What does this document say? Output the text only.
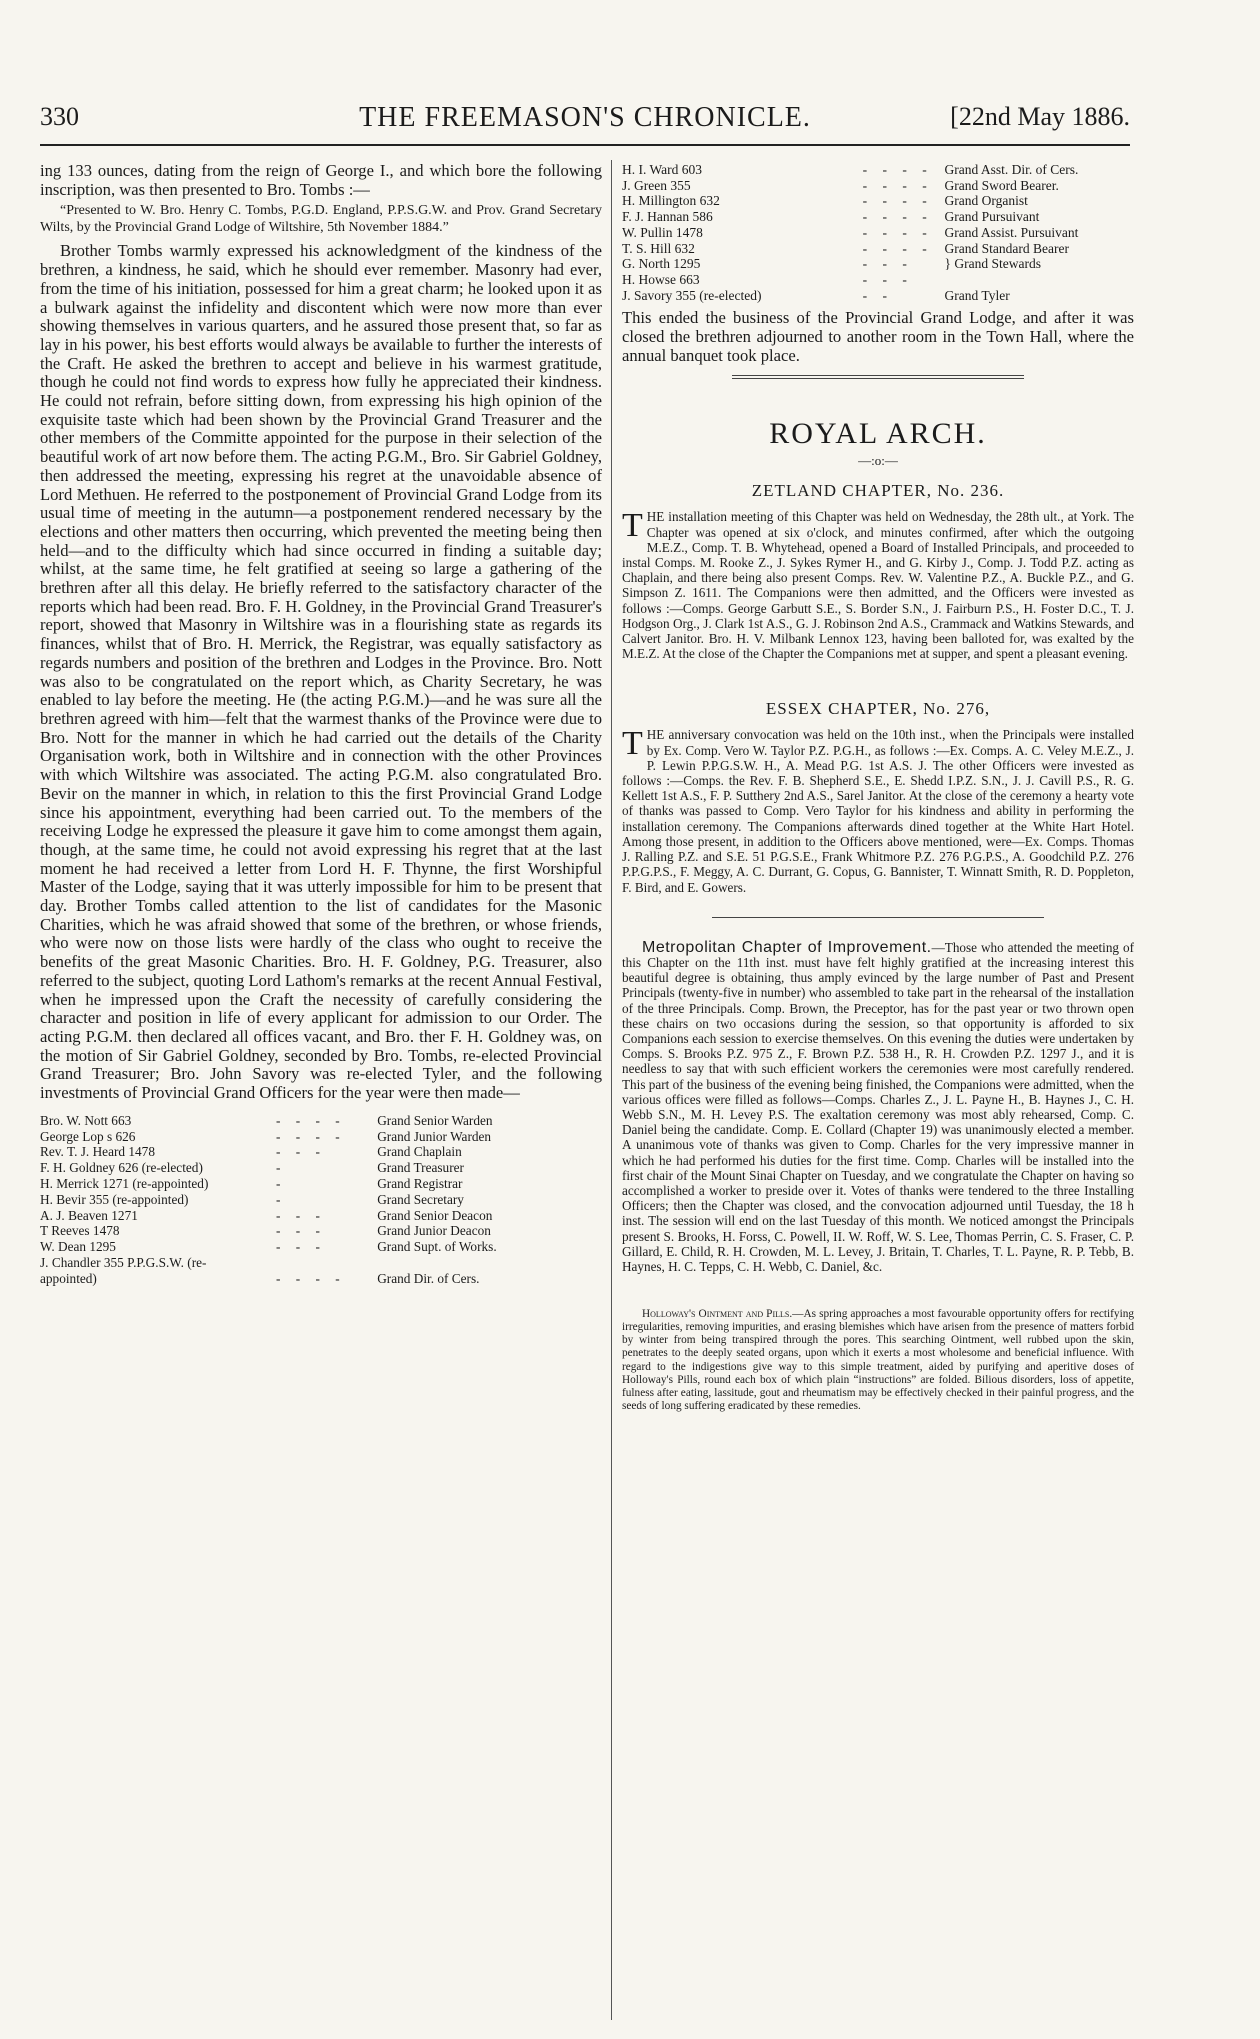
330	THE FREEMASON'S CHRONICLE.	[22nd May 1886.

ing 133 ounces, dating from the reign of George I., and which bore the following inscription, was then presented to Bro. Tombs :—

“Presented to W. Bro. Henry C. Tombs, P.G.D. England, P.P.S.G.W. and Prov. Grand Secretary Wilts, by the Provincial Grand Lodge of Wiltshire, 5th November 1884.”

Brother Tombs warmly expressed his acknowledgment of the kindness of the brethren, a kindness, he said, which he should ever remember. Masonry had ever, from the time of his initiation, possessed for him a great charm; he looked upon it as a bulwark against the infidelity and discontent which were now more than ever showing themselves in various quarters, and he assured those present that, so far as lay in his power, his best efforts would always be available to further the interests of the Craft. He asked the brethren to accept and believe in his warmest gratitude, though he could not find words to express how fully he appreciated their kindness. He could not refrain, before sitting down, from expressing his high opinion of the exquisite taste which had been shown by the Provincial Grand Treasurer and the other members of the Committe appointed for the purpose in their selection of the beautiful work of art now before them. The acting P.G.M., Bro. Sir Gabriel Goldney, then addressed the meeting, expressing his regret at the unavoidable absence of Lord Methuen. He referred to the postponement of Provincial Grand Lodge from its usual time of meeting in the autumn—a postponement rendered necessary by the elections and other matters then occurring, which prevented the meeting being then held—and to the difficulty which had since occurred in finding a suitable day; whilst, at the same time, he felt gratified at seeing so large a gathering of the brethren after all this delay. He briefly referred to the satisfactory character of the reports which had been read. Bro. F. H. Goldney, in the Provincial Grand Treasurer's report, showed that Masonry in Wiltshire was in a flourishing state as regards its finances, whilst that of Bro. H. Merrick, the Registrar, was equally satisfactory as regards numbers and position of the brethren and Lodges in the Province. Bro. Nott was also to be congratulated on the report which, as Charity Secretary, he was enabled to lay before the meeting. He (the acting P.G.M.)—and he was sure all the brethren agreed with him—felt that the warmest thanks of the Province were due to Bro. Nott for the manner in which he had carried out the details of the Charity Organisation work, both in Wiltshire and in connection with the other Provinces with which Wiltshire was associated. The acting P.G.M. also congratulated Bro. Bevir on the manner in which, in relation to this the first Provincial Grand Lodge since his appointment, everything had been carried out. To the members of the receiving Lodge he expressed the pleasure it gave him to come amongst them again, though, at the same time, he could not avoid expressing his regret that at the last moment he had received a letter from Lord H. F. Thynne, the first Worshipful Master of the Lodge, saying that it was utterly impossible for him to be present that day. Brother Tombs called attention to the list of candidates for the Masonic Charities, which he was afraid showed that some of the brethren, or whose friends, who were now on those lists were hardly of the class who ought to receive the benefits of the great Masonic Charities. Bro. H. F. Goldney, P.G. Treasurer, also referred to the subject, quoting Lord Lathom's remarks at the recent Annual Festival, when he impressed upon the Craft the necessity of carefully considering the character and position in life of every applicant for admission to our Order. The acting P.G.M. then declared all offices vacant, and Bro. ther F. H. Goldney was, on the motion of Sir Gabriel Goldney, seconded by Bro. Tombs, re-elected Provincial Grand Treasurer; Bro. John Savory was re-elected Tyler, and the following investments of Provincial Grand Officers for the year were then made—

Bro. W. Nott 663	- - - -	Grand Senior Warden
George Lop s 626	- - - -	Grand Junior Warden
Rev. T. J. Heard 1478	- - -	Grand Chaplain
F. H. Goldney 626 (re-elected)	-	Grand Treasurer
H. Merrick 1271 (re-appointed)	-	Grand Registrar
H. Bevir 355 (re-appointed)	-	Grand Secretary
A. J. Beaven 1271	- - -	Grand Senior Deacon
T Reeves 1478	- - -	Grand Junior Deacon
W. Dean 1295	- - -	Grand Supt. of Works.
J. Chandler 355 P.P.G.S.W. (re-		
appointed)	- - - -	Grand Dir. of Cers.
H. I. Ward 603	- - - -	Grand Asst. Dir. of Cers.
J. Green 355	- - - -	Grand Sword Bearer.
H. Millington 632	- - - -	Grand Organist
F. J. Hannan 586	- - - -	Grand Pursuivant
W. Pullin 1478	- - - -	Grand Assist. Pursuivant
T. S. Hill 632	- - - -	Grand Standard Bearer
G. North 1295	- - -	} Grand Stewards
H. Howse 663	- - -	
J. Savory 355 (re-elected)	- -	Grand Tyler

This ended the business of the Provincial Grand Lodge, and after it was closed the brethren adjourned to another room in the Town Hall, where the annual banquet took place.

ROYAL ARCH.
—:o:—
ZETLAND CHAPTER, No. 236.

THE installation meeting of this Chapter was held on Wednesday, the 28th ult., at York. The Chapter was opened at six o'clock, and minutes confirmed, after which the outgoing M.E.Z., Comp. T. B. Whytehead, opened a Board of Installed Principals, and proceeded to instal Comps. M. Rooke Z., J. Sykes Rymer H., and G. Kirby J., Comp. J. Todd P.Z. acting as Chaplain, and there being also present Comps. Rev. W. Valentine P.Z., A. Buckle P.Z., and G. Simpson Z. 1611. The Companions were then admitted, and the Officers were invested as follows :—Comps. George Garbutt S.E., S. Border S.N., J. Fairburn P.S., H. Foster D.C., T. J. Hodgson Org., J. Clark 1st A.S., G. J. Robinson 2nd A.S., Crammack and Watkins Stewards, and Calvert Janitor. Bro. H. V. Milbank Lennox 123, having been balloted for, was exalted by the M.E.Z. At the close of the Chapter the Companions met at supper, and spent a pleasant evening.

ESSEX CHAPTER, No. 276,

THE anniversary convocation was held on the 10th inst., when the Principals were installed by Ex. Comp. Vero W. Taylor P.Z. P.G.H., as follows :—Ex. Comps. A. C. Veley M.E.Z., J. P. Lewin P.P.G.S.W. H., A. Mead P.G. 1st A.S. J. The other Officers were invested as follows :—Comps. the Rev. F. B. Shepherd S.E., E. Shedd I.P.Z. S.N., J. J. Cavill P.S., R. G. Kellett 1st A.S., F. P. Sutthery 2nd A.S., Sarel Janitor. At the close of the ceremony a hearty vote of thanks was passed to Comp. Vero Taylor for his kindness and ability in performing the installation ceremony. The Companions afterwards dined together at the White Hart Hotel. Among those present, in addition to the Officers above mentioned, were—Ex. Comps. Thomas J. Ralling P.Z. and S.E. 51 P.G.S.E., Frank Whitmore P.Z. 276 P.G.P.S., A. Goodchild P.Z. 276 P.P.G.P.S., F. Meggy, A. C. Durrant, G. Copus, G. Bannister, T. Winnatt Smith, R. D. Poppleton, F. Bird, and E. Gowers.

Metropolitan Chapter of Improvement.—Those who attended the meeting of this Chapter on the 11th inst. must have felt highly gratified at the increasing interest this beautiful degree is obtaining, thus amply evinced by the large number of Past and Present Principals (twenty-five in number) who assembled to take part in the rehearsal of the installation of the three Principals. Comp. Brown, the Preceptor, has for the past year or two thrown open these chairs on two occasions during the session, so that opportunity is afforded to six Companions each session to exercise themselves. On this evening the duties were undertaken by Comps. S. Brooks P.Z. 975 Z., F. Brown P.Z. 538 H., R. H. Crowden P.Z. 1297 J., and it is needless to say that with such efficient workers the ceremonies were most carefully rendered. This part of the business of the evening being finished, the Companions were admitted, when the various offices were filled as follows—Comps. Charles Z., J. L. Payne H., B. Haynes J., C. H. Webb S.N., M. H. Levey P.S. The exaltation ceremony was most ably rehearsed, Comp. C. Daniel being the candidate. Comp. E. Collard (Chapter 19) was unanimously elected a member. A unanimous vote of thanks was given to Comp. Charles for the very impressive manner in which he had performed his duties for the first time. Comp. Charles will be installed into the first chair of the Mount Sinai Chapter on Tuesday, and we congratulate the Chapter on having so accomplished a worker to preside over it. Votes of thanks were tendered to the three Installing Officers; then the Chapter was closed, and the convocation adjourned until Tuesday, the 18 h inst. The session will end on the last Tuesday of this month. We noticed amongst the Principals present S. Brooks, H. Forss, C. Powell, II. W. Roff, W. S. Lee, Thomas Perrin, C. S. Fraser, C. P. Gillard, E. Child, R. H. Crowden, M. L. Levey, J. Britain, T. Charles, T. L. Payne, R. P. Tebb, B. Haynes, H. C. Tepps, C. H. Webb, C. Daniel, &c.

Holloway's Ointment and Pills.—As spring approaches a most favourable opportunity offers for rectifying irregularities, removing impurities, and erasing blemishes which have arisen from the presence of matters forbid by winter from being transpired through the pores. This searching Ointment, well rubbed upon the skin, penetrates to the deeply seated organs, upon which it exerts a most wholesome and beneficial influence. With regard to the indigestions give way to this simple treatment, aided by purifying and aperitive doses of Holloway's Pills, round each box of which plain “instructions” are folded. Bilious disorders, loss of appetite, fulness after eating, lassitude, gout and rheumatism may be effectively checked in their painful progress, and the seeds of long suffering eradicated by these remedies.
